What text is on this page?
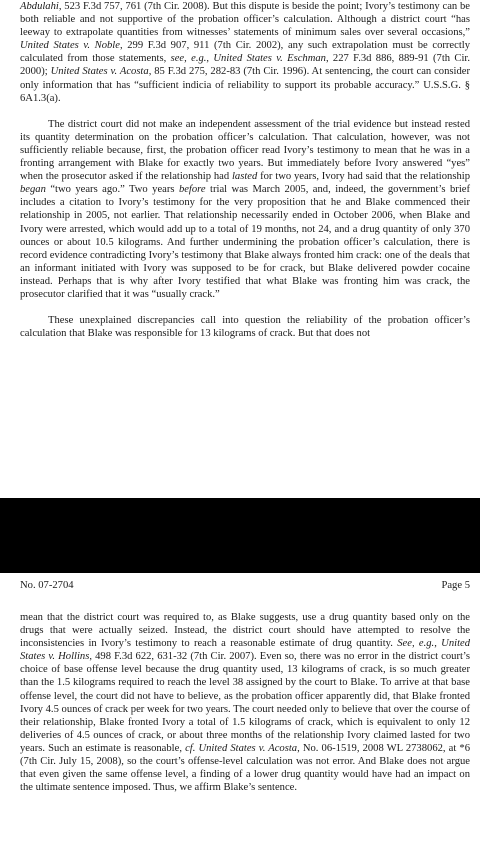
Abdulahi, 523 F.3d 757, 761 (7th Cir. 2008). But this dispute is beside the point; Ivory’s testimony can be both reliable and not supportive of the probation officer’s calculation. Although a district court “has leeway to extrapolate quantities from witnesses’ statements of minimum sales over several occasions,” United States v. Noble, 299 F.3d 907, 911 (7th Cir. 2002), any such extrapolation must be correctly calculated from those statements, see, e.g., United States v. Eschman, 227 F.3d 886, 889-91 (7th Cir. 2000); United States v. Acosta, 85 F.3d 275, 282-83 (7th Cir. 1996). At sentencing, the court can consider only information that has “sufficient indicia of reliability to support its probable accuracy.” U.S.S.G. § 6A1.3(a).

The district court did not make an independent assessment of the trial evidence but instead rested its quantity determination on the probation officer’s calculation. That calculation, however, was not sufficiently reliable because, first, the probation officer read Ivory’s testimony to mean that he was in a fronting arrangement with Blake for exactly two years. But immediately before Ivory answered “yes” when the prosecutor asked if the relationship had lasted for two years, Ivory had said that the relationship began “two years ago.” Two years before trial was March 2005, and, indeed, the government’s brief includes a citation to Ivory’s testimony for the very proposition that he and Blake commenced their relationship in 2005, not earlier. That relationship necessarily ended in October 2006, when Blake and Ivory were arrested, which would add up to a total of 19 months, not 24, and a drug quantity of only 370 ounces or about 10.5 kilograms. And further undermining the probation officer’s calculation, there is record evidence contradicting Ivory’s testimony that Blake always fronted him crack: one of the deals that an informant initiated with Ivory was supposed to be for crack, but Blake delivered powder cocaine instead. Perhaps that is why after Ivory testified that what Blake was fronting him was crack, the prosecutor clarified that it was “usually crack.”

These unexplained discrepancies call into question the reliability of the probation officer’s calculation that Blake was responsible for 13 kilograms of crack. But that does not

No. 07-2704	Page 5

mean that the district court was required to, as Blake suggests, use a drug quantity based only on the drugs that were actually seized. Instead, the district court should have attempted to resolve the inconsistencies in Ivory’s testimony to reach a reasonable estimate of drug quantity. See, e.g., United States v. Hollins, 498 F.3d 622, 631-32 (7th Cir. 2007). Even so, there was no error in the district court’s choice of base offense level because the drug quantity used, 13 kilograms of crack, is so much greater than the 1.5 kilograms required to reach the level 38 assigned by the court to Blake. To arrive at that base offense level, the court did not have to believe, as the probation officer apparently did, that Blake fronted Ivory 4.5 ounces of crack per week for two years. The court needed only to believe that over the course of their relationship, Blake fronted Ivory a total of 1.5 kilograms of crack, which is equivalent to only 12 deliveries of 4.5 ounces of crack, or about three months of the relationship Ivory claimed lasted for two years. Such an estimate is reasonable, cf. United States v. Acosta, No. 06-1519, 2008 WL 2738062, at *6 (7th Cir. July 15, 2008), so the court’s offense-level calculation was not error. And Blake does not argue that even given the same offense level, a finding of a lower drug quantity would have had an impact on the ultimate sentence imposed. Thus, we affirm Blake’s sentence.
